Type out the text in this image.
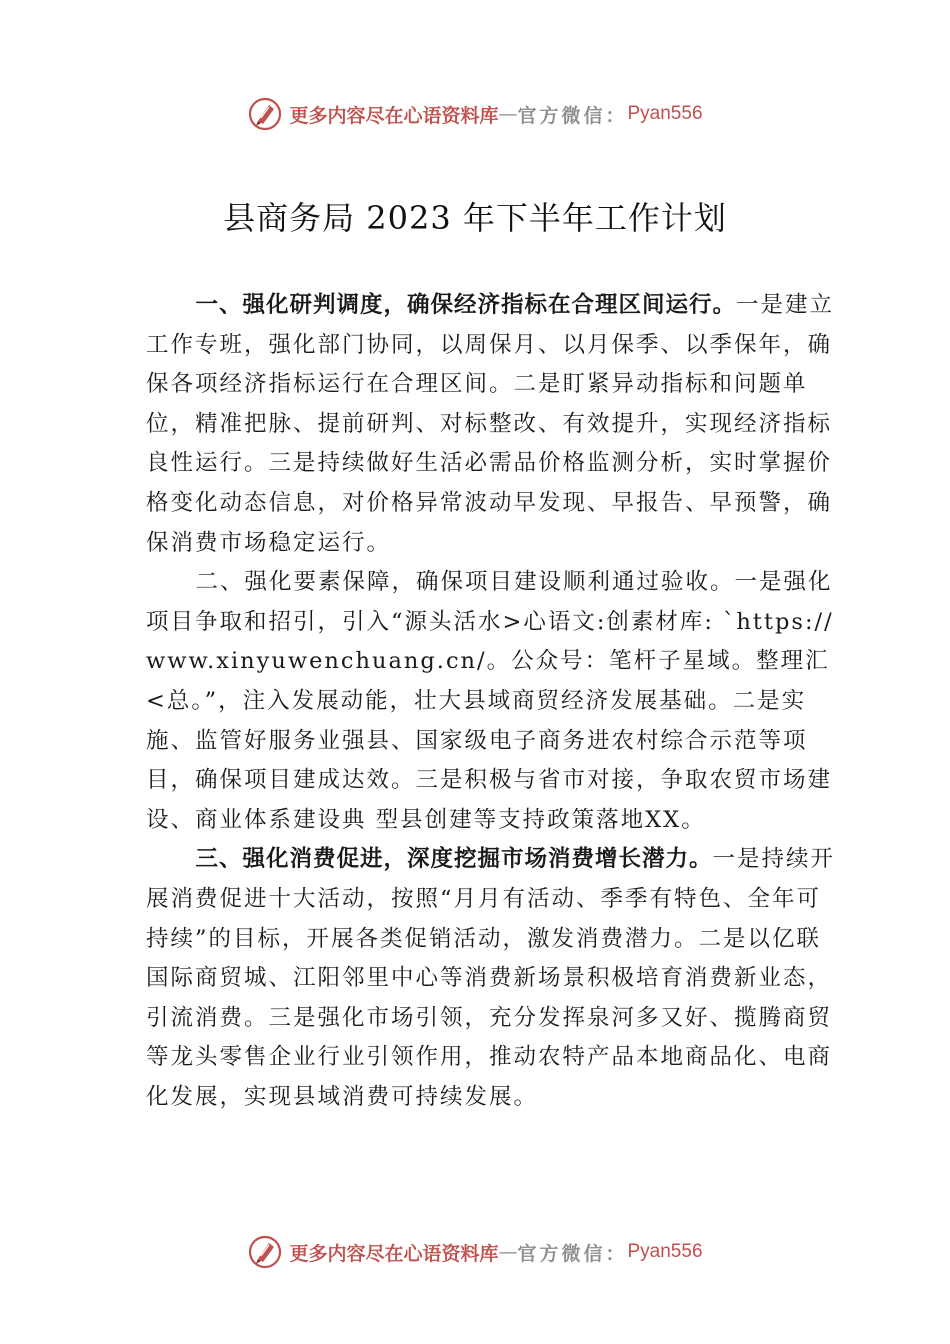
更多内容尽在心语资料库 — 官方微信： Pyan556
县商务局 2023 年下半年工作计划

一、强化研判调度，确保经济指标在合理区间运行。一是建立工作专班，强化部门协同，以周保月、以月保季、以季保年，确保各项经济指标运行在合理区间。二是盯紧异动指标和问题单位，精准把脉、提前研判、对标整改、有效提升，实现经济指标良性运行。三是持续做好生活必需品价格监测分析，实时掌握价格变化动态信息，对价格异常波动早发现、早报告、早预警，确保消费市场稳定运行。

二、强化要素保障，确保项目建设顺利通过验收。一是强化项目争取和招引，引入“源头活水>心语文:创素材库: `https://www.xinyuwenchuang.cn/。公众号：笔杆子星域。整理汇<总。”，注入发展动能，壮大县域商贸经济发展基础。二是实施、监管好服务业强县、国家级电子商务进农村综合示范等项目，确保项目建成达效。三是积极与省市对接，争取农贸市场建设、商业体系建设典 型县创建等支持政策落地XX。

三、强化消费促进，深度挖掘市场消费增长潜力。一是持续开展消费促进十大活动，按照“月月有活动、季季有特色、全年可持续”的目标，开展各类促销活动，激发消费潜力。二是以亿联国际商贸城、江阳邻里中心等消费新场景积极培育消费新业态，引流消费。三是强化市场引领，充分发挥泉河多又好、揽腾商贸等龙头零售企业行业引领作用，推动农特产品本地商品化、电商化发展，实现县域消费可持续发展。

更多内容尽在心语资料库 — 官方微信： Pyan556
